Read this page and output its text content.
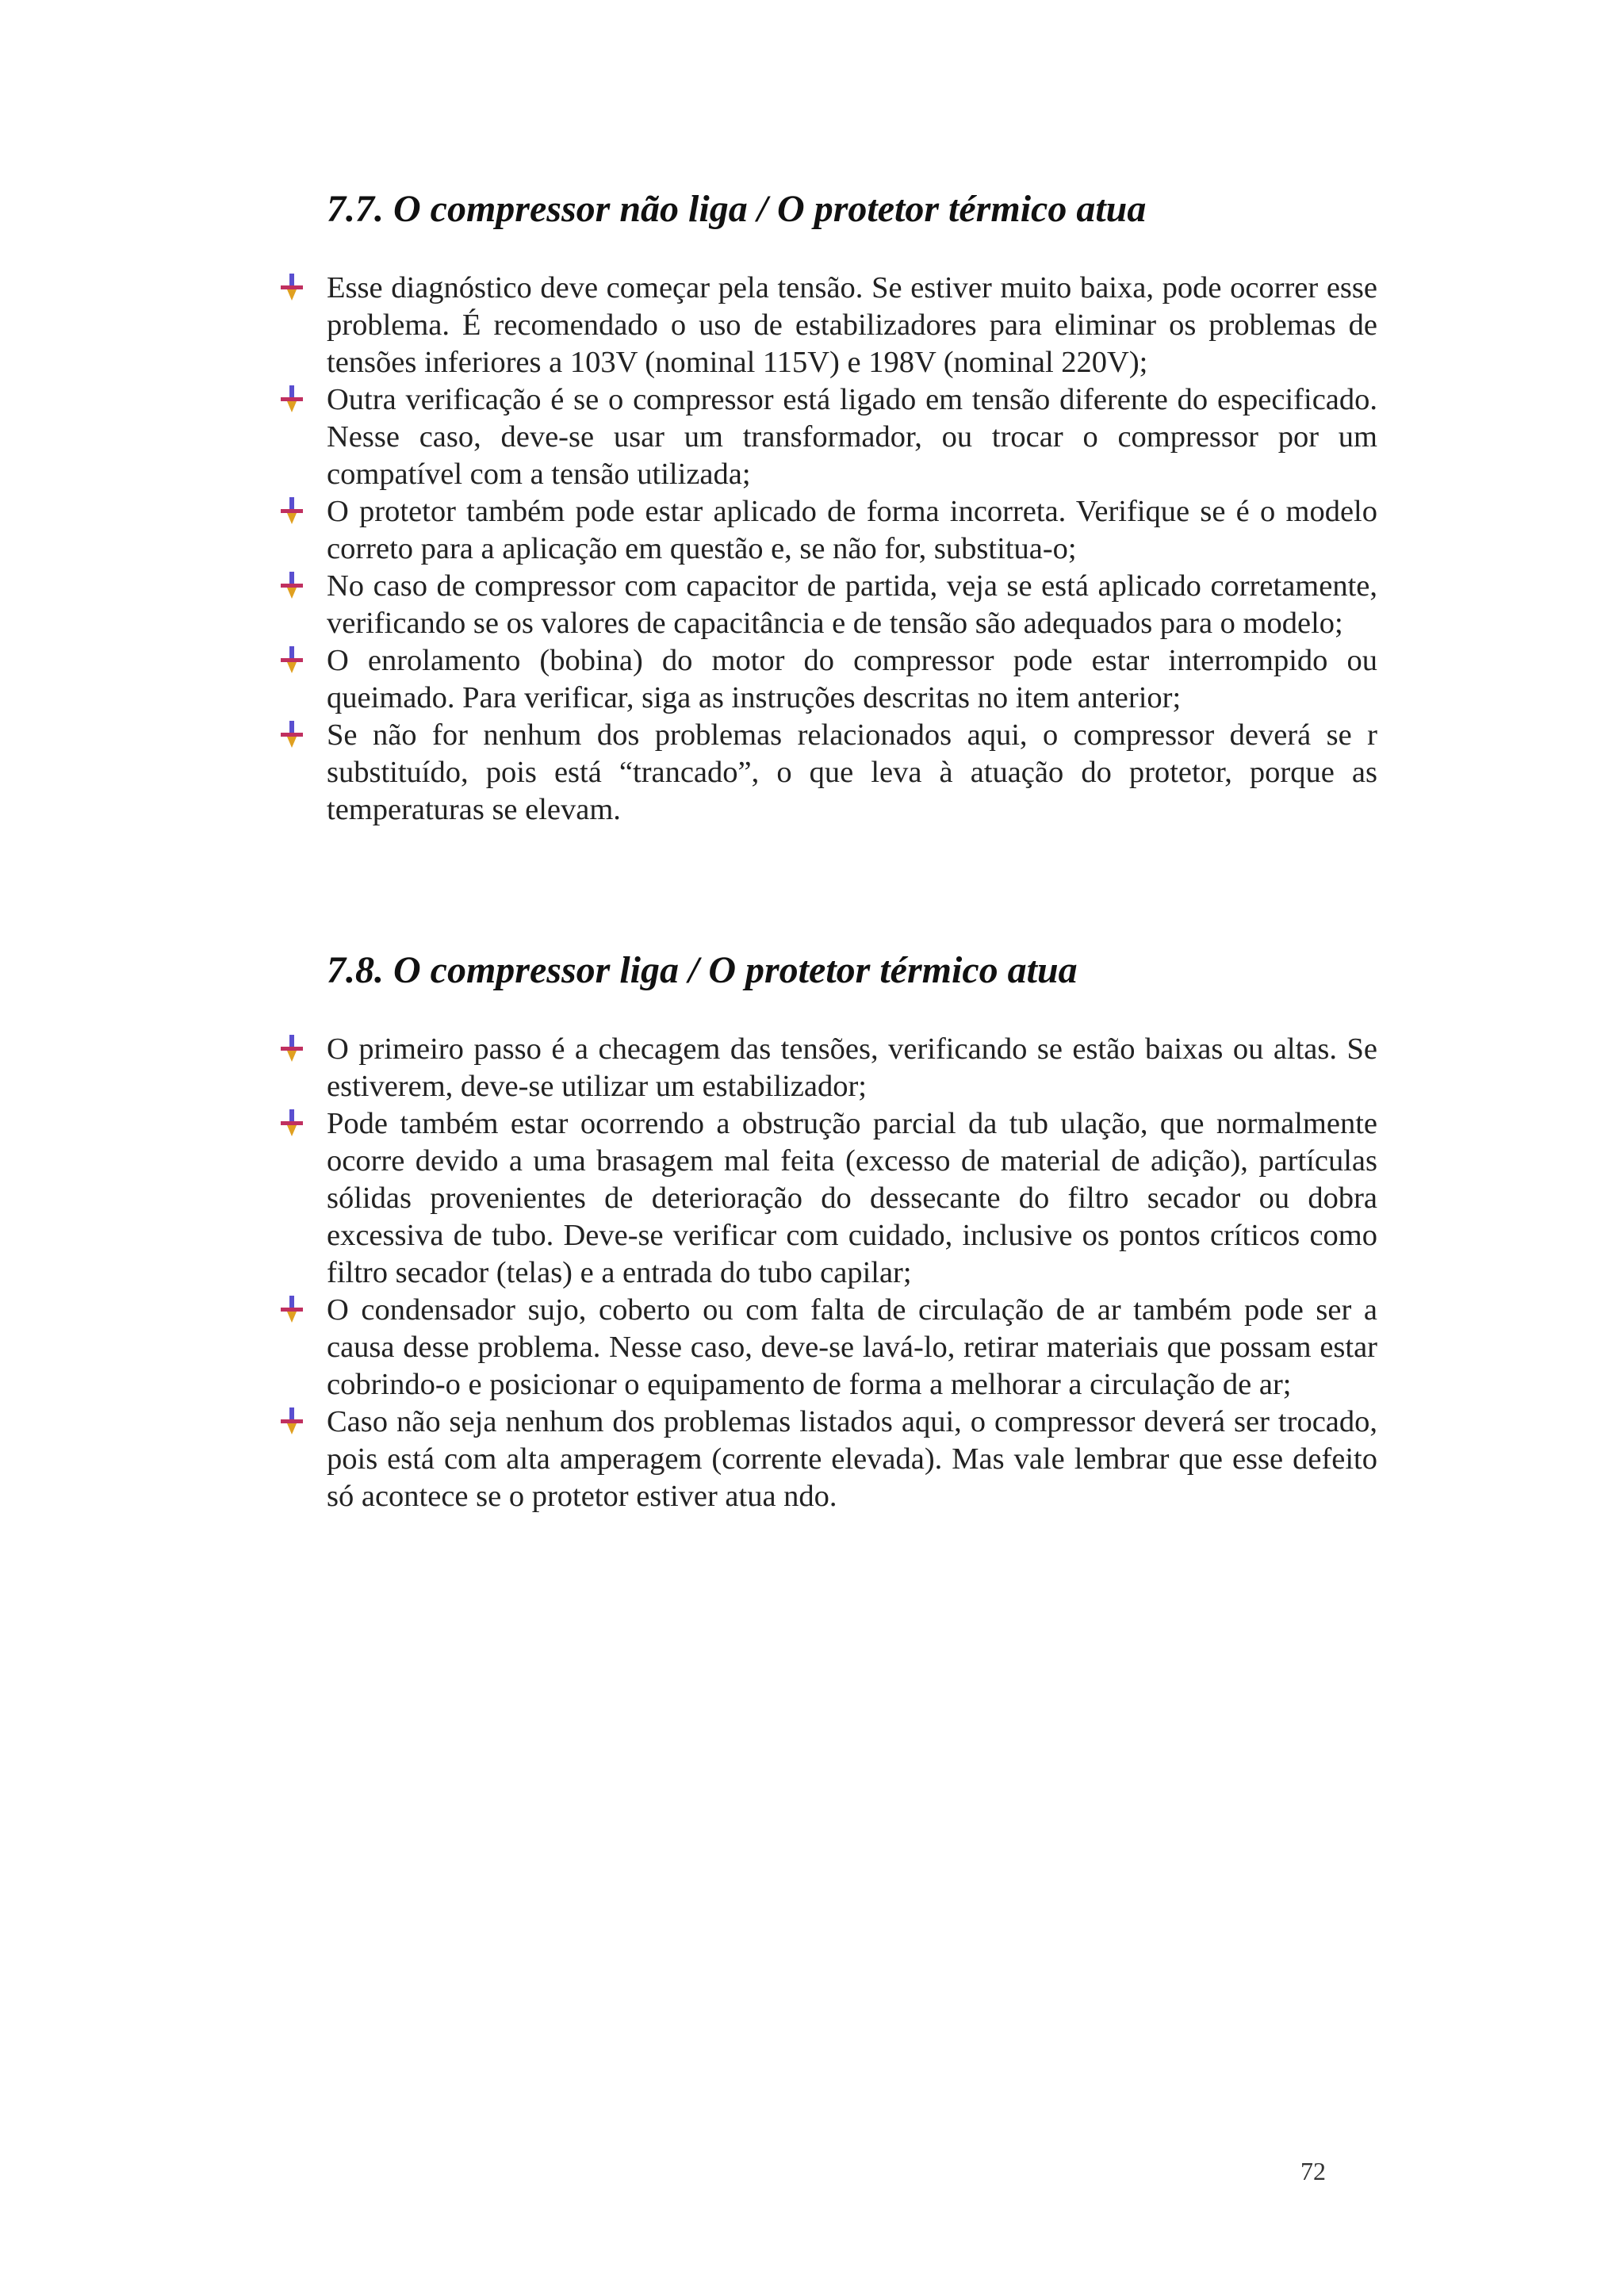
7.7. O compressor não liga / O protetor térmico atua
Esse diagnóstico deve começar pela tensão. Se estiver muito baixa, pode ocorrer esse problema. É recomendado o uso de estabilizadores para eliminar os problemas de tensões inferiores a 103V (nominal 115V) e 198V (nominal 220V);
Outra verificação é se o compressor está ligado em tensão diferente do especificado. Nesse caso, deve-se usar um transformador, ou trocar o compressor por um compatível com a tensão utilizada;
O protetor também pode estar aplicado de forma incorreta. Verifique se é o modelo correto para a aplicação em questão e, se não for, substitua-o;
No caso de compressor com capacitor de partida, veja se está aplicado corretamente, verificando se os valores de capacitância e de tensão são adequados para o modelo;
O enrolamento (bobina) do motor do compressor pode estar interrompido ou queimado. Para verificar, siga as instruções descritas no item anterior;
Se não for nenhum dos problemas relacionados aqui, o compressor deverá se r substituído, pois está “trancado”, o que leva à atuação do protetor, porque as temperaturas se elevam.
7.8. O compressor liga / O protetor térmico atua
O primeiro passo é a checagem das tensões, verificando se estão baixas ou altas. Se estiverem, deve-se utilizar um estabilizador;
Pode também estar ocorrendo a obstrução parcial da tub ulação, que normalmente ocorre devido a uma brasagem mal feita (excesso de material de adição), partículas sólidas provenientes de deterioração do dessecante do filtro secador ou dobra excessiva de tubo. Deve-se verificar com cuidado, inclusive os pontos críticos como filtro secador (telas) e a entrada do tubo capilar;
O condensador sujo, coberto ou com falta de circulação de ar também pode ser a causa desse problema. Nesse caso, deve-se lavá-lo, retirar materiais que possam estar cobrindo-o e posicionar o equipamento de forma a melhorar a circulação de ar;
Caso não seja nenhum dos problemas listados aqui, o compressor deverá ser trocado, pois está com alta amperagem (corrente elevada). Mas vale lembrar que esse defeito só acontece se o protetor estiver atua ndo.
72
